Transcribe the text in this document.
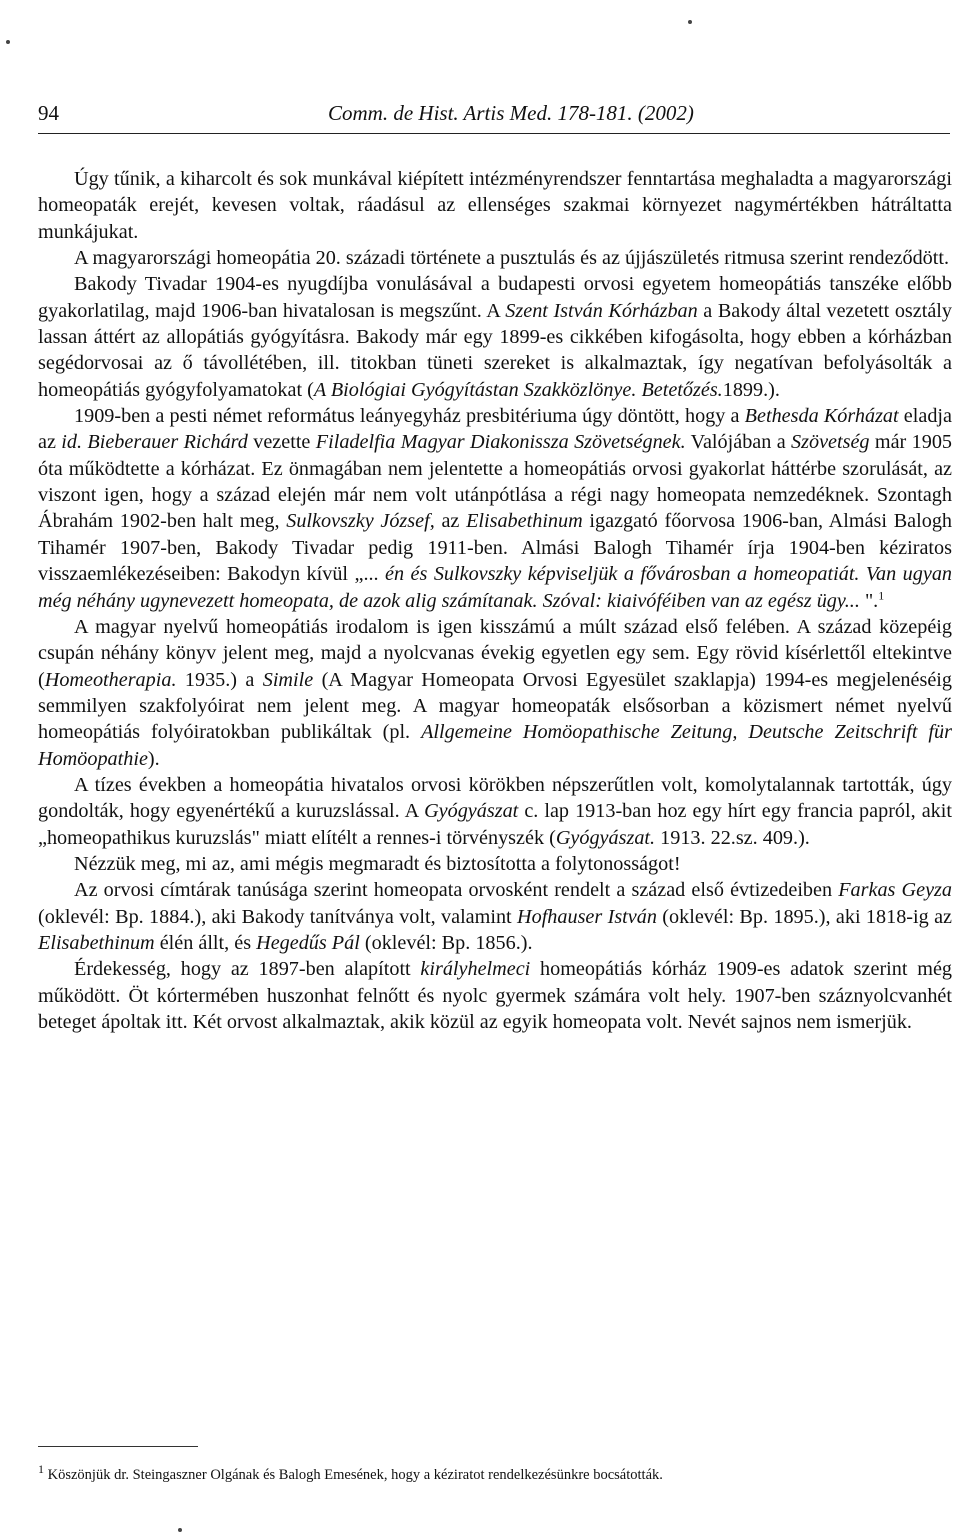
94	Comm. de Hist. Artis Med. 178-181. (2002)

Úgy tűnik, a kiharcolt és sok munkával kiépített intézményrendszer fenntartása meghaladta a magyarországi homeopaták erejét, kevesen voltak, ráadásul az ellenséges szakmai környezet nagymértékben hátráltatta munkájukat.

A magyarországi homeopátia 20. századi története a pusztulás és az újjászületés ritmusa szerint rendeződött.

Bakody Tivadar 1904-es nyugdíjba vonulásával a budapesti orvosi egyetem homeopátiás tanszéke előbb gyakorlatilag, majd 1906-ban hivatalosan is megszűnt. A Szent István Kórházban a Bakody által vezetett osztály lassan áttért az allopátiás gyógyításra. Bakody már egy 1899-es cikkében kifogásolta, hogy ebben a kórházban segédorvosai az ő távollétében, ill. titokban tüneti szereket is alkalmaztak, így negatívan befolyásolták a homeopátiás gyógyfolyamatokat (A Biológiai Gyógyítástan Szakközlönye. Betetőzés.1899.).

1909-ben a pesti német református leányegyház presbitériuma úgy döntött, hogy a Bethesda Kórházat eladja az id. Bieberauer Richárd vezette Filadelfia Magyar Diakonissza Szövetségnek. Valójában a Szövetség már 1905 óta működtette a kórházat. Ez önmagában nem jelentette a homeopátiás orvosi gyakorlat háttérbe szorulását, az viszont igen, hogy a század elején már nem volt utánpótlása a régi nagy homeopata nemzedéknek. Szontagh Ábrahám 1902-ben halt meg, Sulkovszky József, az Elisabethinum igazgató főorvosa 1906-ban, Almási Balogh Tihamér 1907-ben, Bakody Tivadar pedig 1911-ben. Almási Balogh Tihamér írja 1904-ben kéziratos visszaemlékezéseiben: Bakodyn kívül „... én és Sulkovszky képviseljük a fővárosban a homeopatiát. Van ugyan még néhány ugynevezett homeopata, de azok alig számítanak. Szóval: kiaivóféiben van az egész ügy... ".$^1$

A magyar nyelvű homeopátiás irodalom is igen kisszámú a múlt század első felében. A század közepéig csupán néhány könyv jelent meg, majd a nyolcvanas évekig egyetlen egy sem. Egy rövid kísérlettől eltekintve (Homeotherapia. 1935.) a Simile (A Magyar Homeopata Orvosi Egyesület szaklapja) 1994-es megjelenéséig semmilyen szakfolyóirat nem jelent meg. A magyar homeopaták elsősorban a közismert német nyelvű homeopátiás folyóiratokban publikáltak (pl. Allgemeine Homöopathische Zeitung, Deutsche Zeitschrift für Homöopathie).

A tízes években a homeopátia hivatalos orvosi körökben népszerűtlen volt, komolytalannak tartották, úgy gondolták, hogy egyenértékű a kuruzslással. A Gyógyászat c. lap 1913-ban hoz egy hírt egy francia papról, akit „homeopathikus kuruzslás" miatt elítélt a rennes-i törvényszék (Gyógyászat. 1913. 22.sz. 409.).

Nézzük meg, mi az, ami mégis megmaradt és biztosította a folytonosságot!

Az orvosi címtárak tanúsága szerint homeopata orvosként rendelt a század első évtizedeiben Farkas Geyza (oklevél: Bp. 1884.), aki Bakody tanítványa volt, valamint Hofhauser István (oklevél: Bp. 1895.), aki 1818-ig az Elisabethinum élén állt, és Hegedűs Pál (oklevél: Bp. 1856.).

Érdekesség, hogy az 1897-ben alapított királyhelmeci homeopátiás kórház 1909-es adatok szerint még működött. Öt kórtermében huszonhat felnőtt és nyolc gyermek számára volt hely. 1907-ben száznyolcvanhét beteget ápoltak itt. Két orvost alkalmaztak, akik közül az egyik homeopata volt. Nevét sajnos nem ismerjük.

$^1$ Köszönjük dr. Steingaszner Olgának és Balogh Emesének, hogy a kéziratot rendelkezésünkre bocsátották.
